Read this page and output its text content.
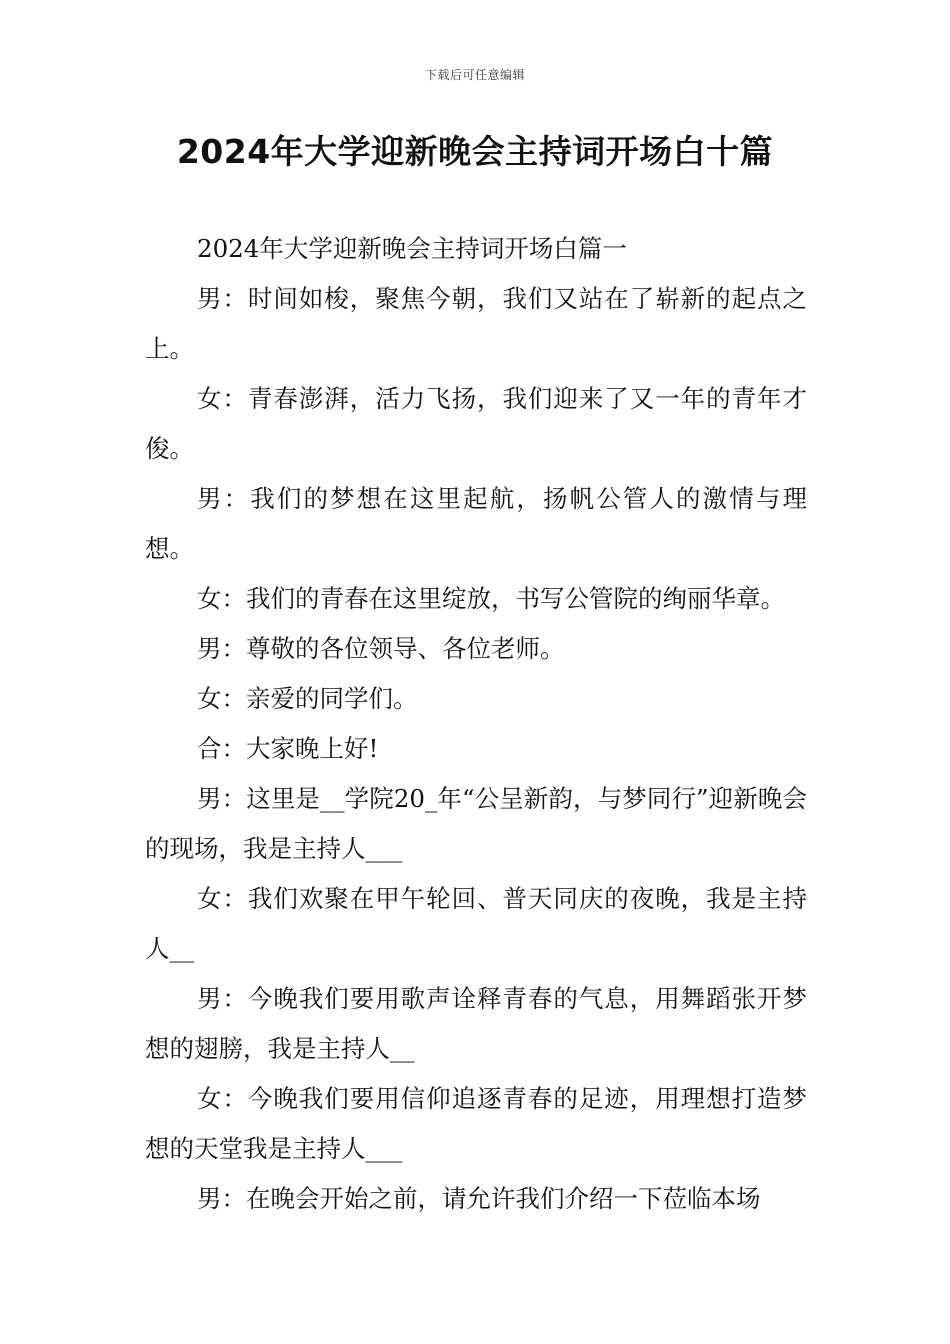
下载后可任意编辑
2024年大学迎新晚会主持词开场白十篇

2024年大学迎新晚会主持词开场白篇一

男：时间如梭，聚焦今朝，我们又站在了崭新的起点之上。

女：青春澎湃，活力飞扬，我们迎来了又一年的青年才俊。

男：我们的梦想在这里起航，扬帆公管人的激情与理想。

女：我们的青春在这里绽放，书写公管院的绚丽华章。

男：尊敬的各位领导、各位老师。

女：亲爱的同学们。

合：大家晚上好!

男：这里是__学院20_年“公呈新韵，与梦同行”迎新晚会的现场，我是主持人___

女：我们欢聚在甲午轮回、普天同庆的夜晚，我是主持人__

男：今晚我们要用歌声诠释青春的气息，用舞蹈张开梦想的翅膀，我是主持人__

女：今晚我们要用信仰追逐青春的足迹，用理想打造梦想的天堂我是主持人___

男：在晚会开始之前，请允许我们介绍一下莅临本场
